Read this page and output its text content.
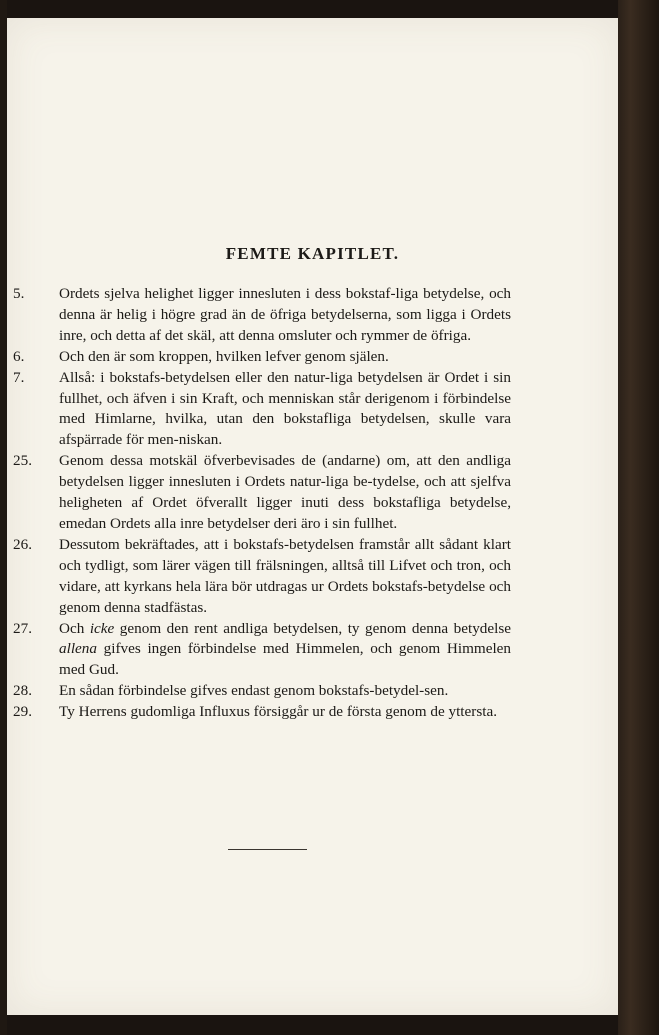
FEMTE KAPITLET.
5.	Ordets sjelva helighet ligger innesluten i dess bokstaf-liga betydelse, och denna är helig i högre grad än de öfriga betydelserna, som ligga i Ordets inre, och detta af det skäl, att denna omsluter och rymmer de öfriga.
6.	Och den är som kroppen, hvilken lefver genom själen.
7.	Allså: i bokstafs-betydelsen eller den natur-liga betydelsen är Ordet i sin fullhet, och äfven i sin Kraft, och menniskan står derigenom i förbindelse med Himlarne, hvilka, utan den bokstafliga betydelsen, skulle vara afspärrade för men-niskan.
25.	Genom dessa motskäl öfverbevisades de (andarne) om, att den andliga betydelsen ligger innesluten i Ordets natur-liga be-tydelse, och att sjelfva heligheten af Ordet öfverallt ligger inuti dess bokstafliga betydelse, emedan Ordets alla inre betydelser deri äro i sin fullhet.
26.	Dessutom bekräftades, att i bokstafs-betydelsen framstår allt sådant klart och tydligt, som lärer vägen till frälsningen, alltså till Lifvet och tron, och vidare, att kyrkans hela lära bör utdragas ur Ordets bokstafs-betydelse och genom denna stadfästas.
27.	Och icke genom den rent andliga betydelsen, ty genom denna betydelse allena gifves ingen förbindelse med Himmelen, och genom Himmelen med Gud.
28.	En sådan förbindelse gifves endast genom bokstafs-betydel-sen.
29.	Ty Herrens gudomliga Influxus försiggår ur de första genom de yttersta.
